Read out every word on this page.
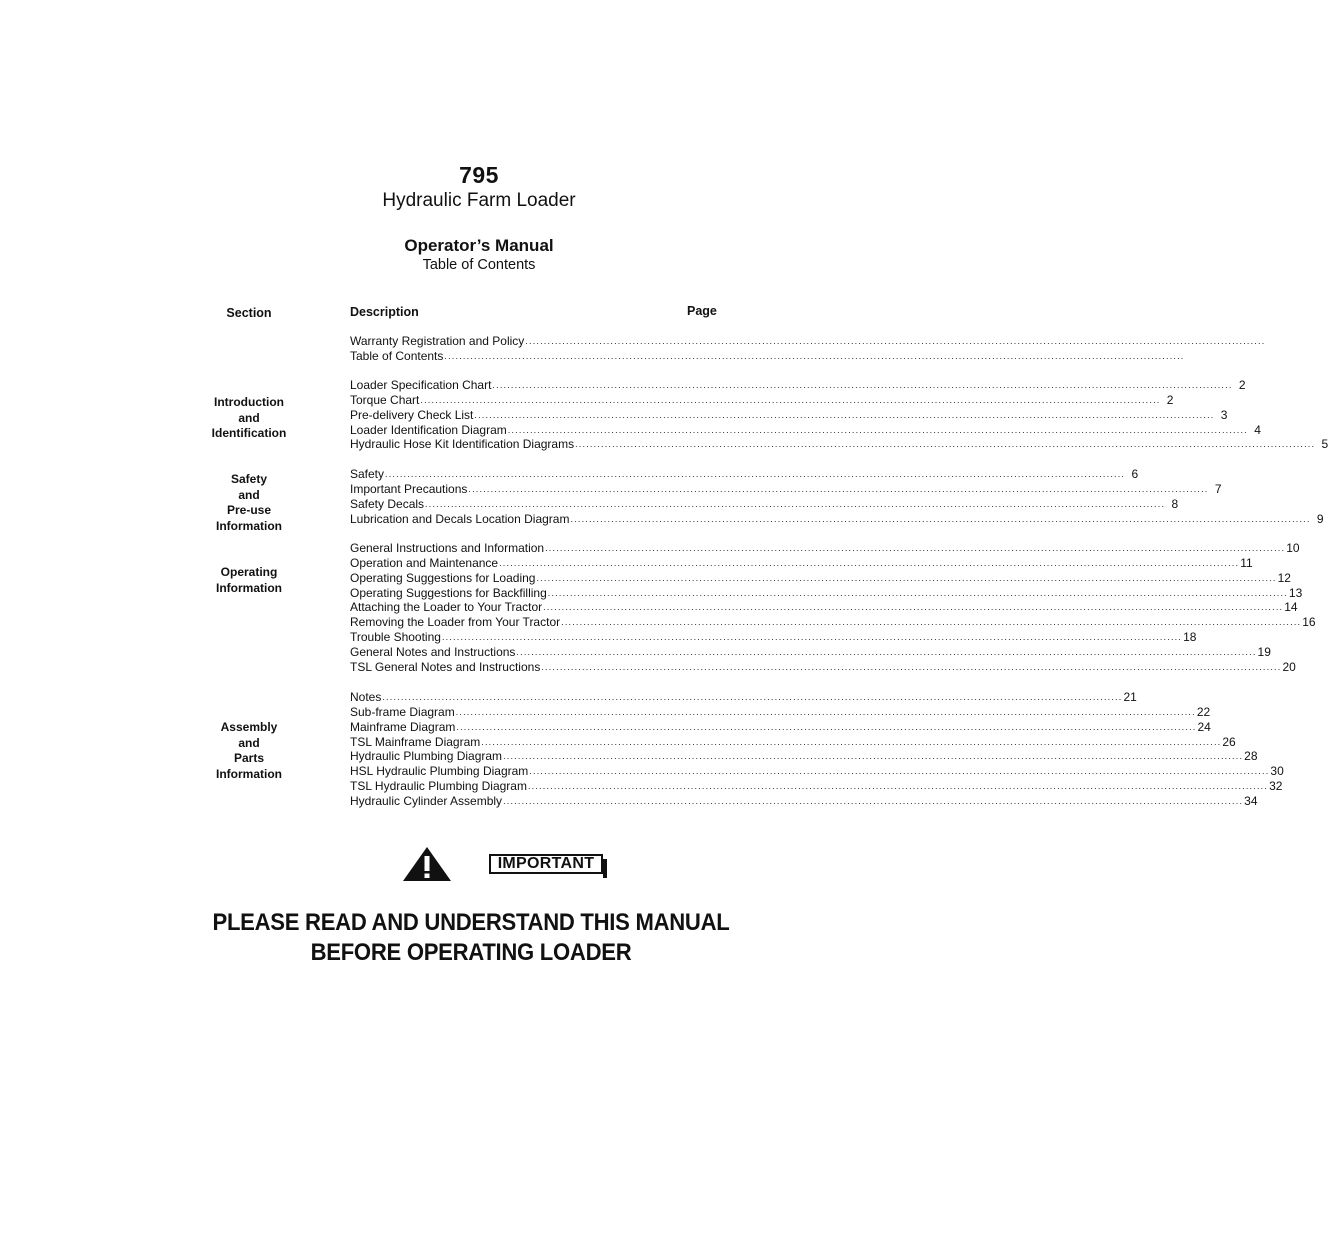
795
Hydraulic Farm Loader
Operator’s Manual
Table of Contents
Section	Description	Page
Introduction
and
Identification
Safety
and
Pre-use
Information
Operating
Information
Assembly
and
Parts
Information
Warranty Registration and Policy ........................................................................................................................................................................................................
Table of Contents ........................................................................................................................................................................................................
Loader Specification Chart ........................................................................................................................................................................................................ 2
Torque Chart ........................................................................................................................................................................................................ 2
Pre-delivery Check List ........................................................................................................................................................................................................ 3
Loader Identification Diagram ........................................................................................................................................................................................................ 4
Hydraulic Hose Kit Identification Diagrams ........................................................................................................................................................................................................ 5
Safety ........................................................................................................................................................................................................ 6
Important Precautions ........................................................................................................................................................................................................ 7
Safety Decals ........................................................................................................................................................................................................ 8
Lubrication and Decals Location Diagram ........................................................................................................................................................................................................ 9
General Instructions and Information ........................................................................................................................................................................................................ 10
Operation and Maintenance ........................................................................................................................................................................................................ 11
Operating Suggestions for Loading ........................................................................................................................................................................................................ 12
Operating Suggestions for Backfilling ........................................................................................................................................................................................................ 13
Attaching the Loader to Your Tractor ........................................................................................................................................................................................................ 14
Removing the Loader from Your Tractor ........................................................................................................................................................................................................ 16
Trouble Shooting ........................................................................................................................................................................................................ 18
General Notes and Instructions ........................................................................................................................................................................................................ 19
TSL General Notes and Instructions ........................................................................................................................................................................................................ 20
Notes ........................................................................................................................................................................................................ 21
Sub-frame Diagram ........................................................................................................................................................................................................ 22
Mainframe Diagram ........................................................................................................................................................................................................ 24
TSL Mainframe Diagram ........................................................................................................................................................................................................ 26
Hydraulic Plumbing Diagram ........................................................................................................................................................................................................ 28
HSL Hydraulic Plumbing Diagram ........................................................................................................................................................................................................ 30
TSL Hydraulic Plumbing Diagram ........................................................................................................................................................................................................ 32
Hydraulic Cylinder Assembly ........................................................................................................................................................................................................ 34
IMPORTANT
PLEASE READ AND UNDERSTAND THIS MANUAL
BEFORE OPERATING LOADER
